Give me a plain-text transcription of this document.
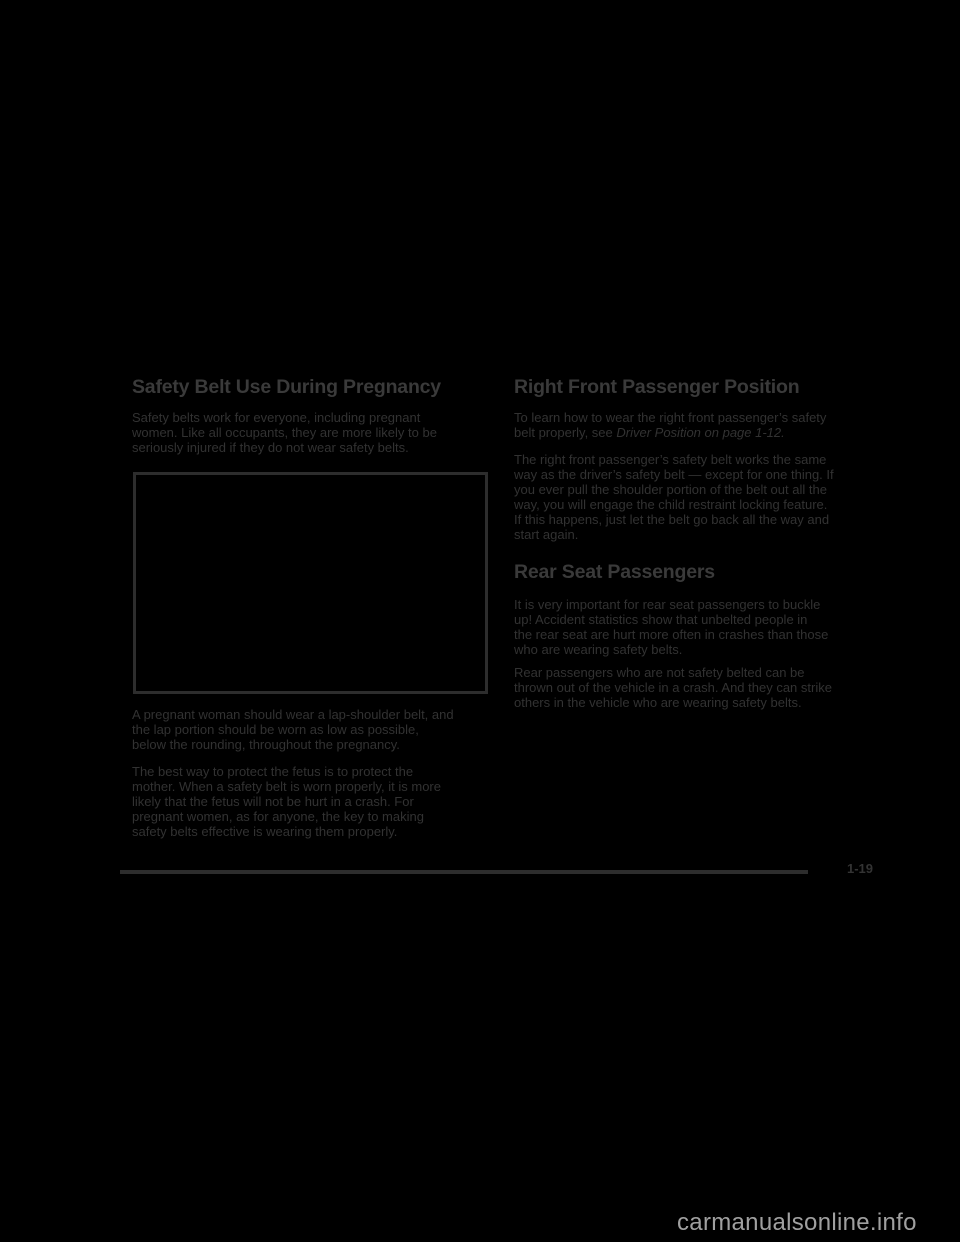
Safety Belt Use During Pregnancy
Safety belts work for everyone, including pregnant
women. Like all occupants, they are more likely to be
seriously injured if they do not wear safety belts.
A pregnant woman should wear a lap-shoulder belt, and
the lap portion should be worn as low as possible,
below the rounding, throughout the pregnancy.
The best way to protect the fetus is to protect the
mother. When a safety belt is worn properly, it is more
likely that the fetus will not be hurt in a crash. For
pregnant women, as for anyone, the key to making
safety belts effective is wearing them properly.
Right Front Passenger Position
To learn how to wear the right front passenger’s safety
belt properly, see Driver Position on page 1-12.
The right front passenger’s safety belt works the same
way as the driver’s safety belt — except for one thing. If
you ever pull the shoulder portion of the belt out all the
way, you will engage the child restraint locking feature.
If this happens, just let the belt go back all the way and
start again.
Rear Seat Passengers
It is very important for rear seat passengers to buckle
up! Accident statistics show that unbelted people in
the rear seat are hurt more often in crashes than those
who are wearing safety belts.
Rear passengers who are not safety belted can be
thrown out of the vehicle in a crash. And they can strike
others in the vehicle who are wearing safety belts.
1-19
carmanualsonline.info
